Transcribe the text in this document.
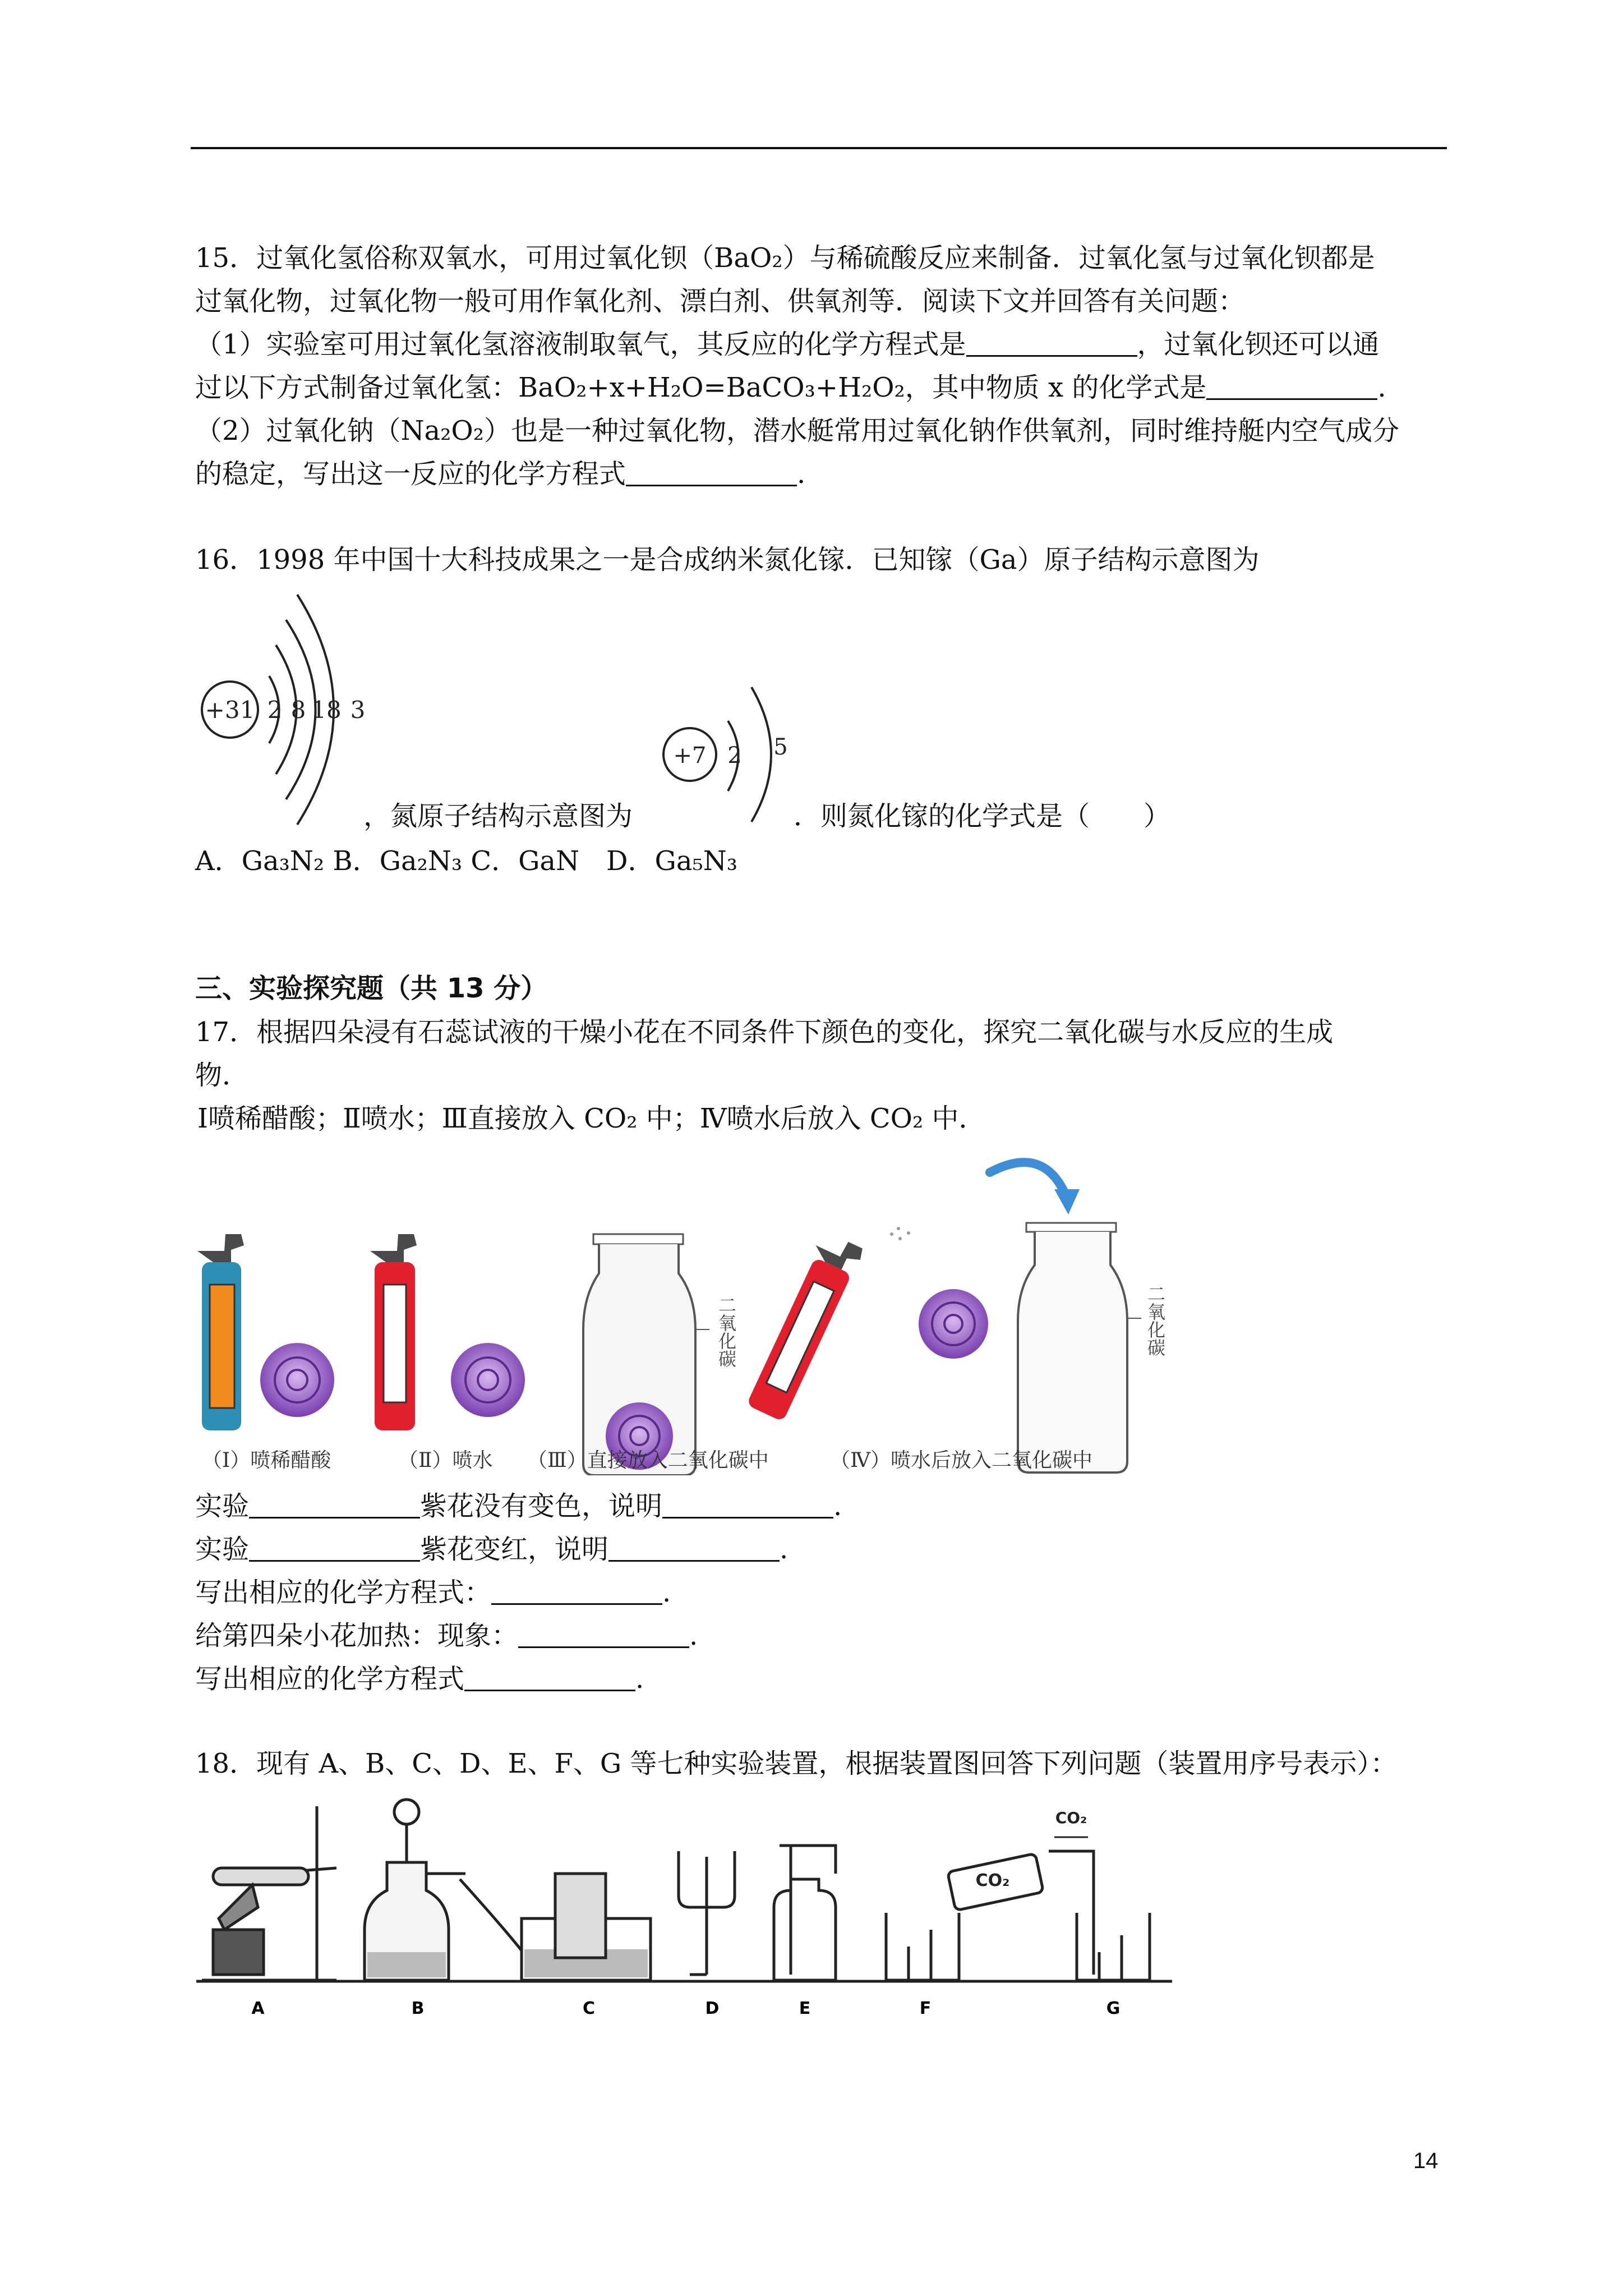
15．过氧化氢俗称双氧水，可用过氧化钡（BaO₂）与稀硫酸反应来制备．过氧化氢与过氧化钡都是
过氧化物，过氧化物一般可用作氧化剂、漂白剂、供氧剂等．阅读下文并回答有关问题：
（1）实验室可用过氧化氢溶液制取氧气，其反应的化学方程式是	，过氧化钡还可以通
过以下方式制备过氧化氢：BaO₂+x+H₂O=BaCO₃+H₂O₂，其中物质 x 的化学式是	.
（2）过氧化钠（Na₂O₂）也是一种过氧化物，潜水艇常用过氧化钠作供氧剂，同时维持艇内空气成分
的稳定，写出这一反应的化学方程式	.
16．1998 年中国十大科技成果之一是合成纳米氮化镓．已知镓（Ga）原子结构示意图为
+31 2 8 18 3
+7 2 5
，氮原子结构示意图为	．则氮化镓的化学式是（　　）
A．Ga₃N₂ B．Ga₂N₃ C．GaN　D．Ga₅N₃
三、实验探究题（共 13 分）
17．根据四朵浸有石蕊试液的干燥小花在不同条件下颜色的变化，探究二氧化碳与水反应的生成
物．
Ⅰ喷稀醋酸；Ⅱ喷水；Ⅲ直接放入 CO₂ 中；Ⅳ喷水后放入 CO₂ 中．
二氧化碳	二氧化碳
（Ⅰ）喷稀醋酸	（Ⅱ）喷水 （Ⅲ）直接放入二氧化碳中	（Ⅳ）喷水后放入二氧化碳中
实验	紫花没有变色，说明	.
实验	紫花变红，说明	.
写出相应的化学方程式：	.
给第四朵小花加热：现象：	.
写出相应的化学方程式	.
18．现有 A、B、C、D、E、F、G 等七种实验装置，根据装置图回答下列问题（装置用序号表示）：
CO₂
CO₂
A	B	C	D	E	F	G
14
